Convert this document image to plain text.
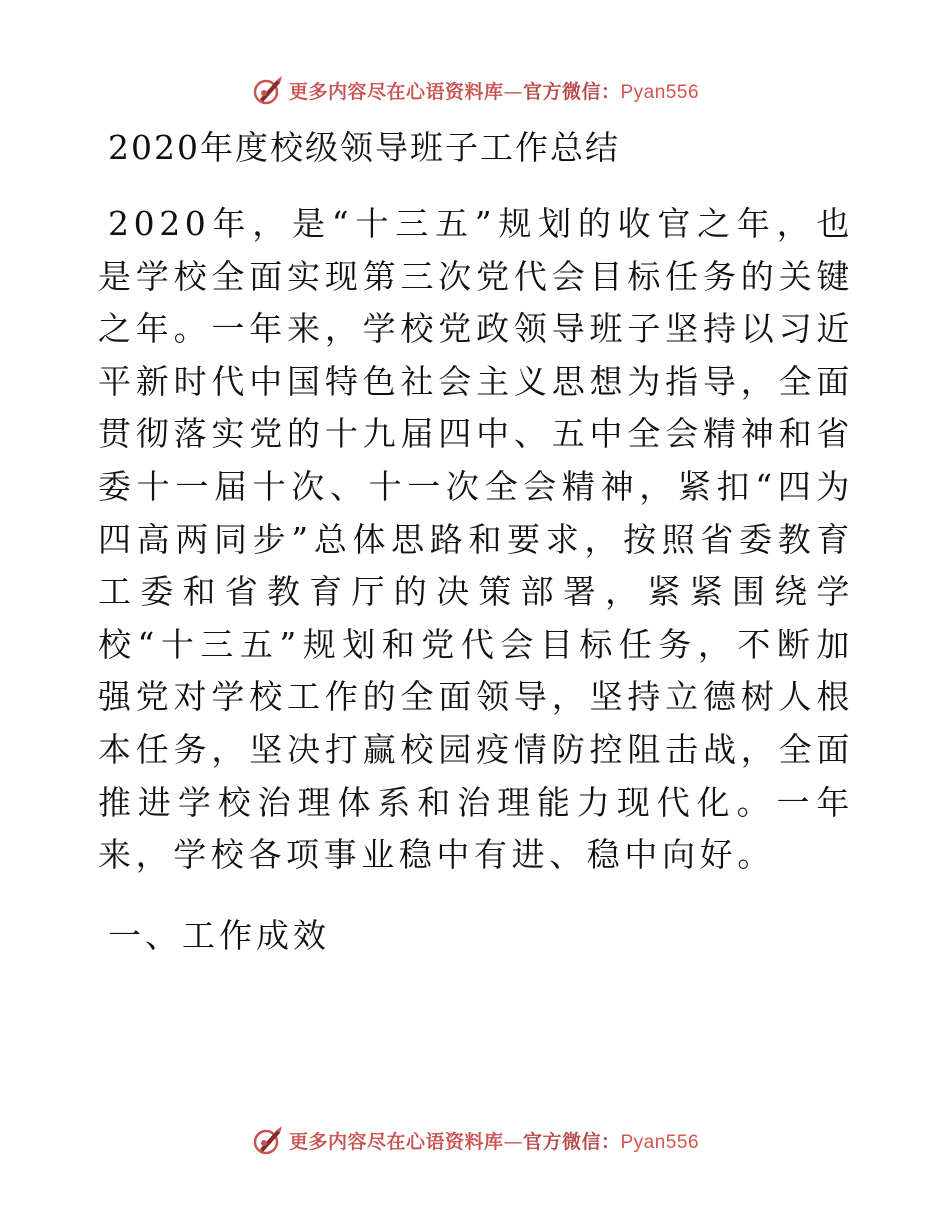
更多内容尽在心语资料库—官方微信：Pyan556
2020年度校级领导班子工作总结

2020年，是“十三五”规划的收官之年，也是学校全面实现第三次党代会目标任务的关键之年。一年来，学校党政领导班子坚持以习近平新时代中国特色社会主义思想为指导，全面贯彻落实党的十九届四中、五中全会精神和省委十一届十次、十一次全会精神，紧扣“四为四高两同步”总体思路和要求，按照省委教育工委和省教育厅的决策部署，紧紧围绕学校“十三五”规划和党代会目标任务，不断加强党对学校工作的全面领导，坚持立德树人根本任务，坚决打赢校园疫情防控阻击战，全面推进学校治理体系和治理能力现代化。一年来，学校各项事业稳中有进、稳中向好。

一、工作成效
更多内容尽在心语资料库—官方微信：Pyan556
